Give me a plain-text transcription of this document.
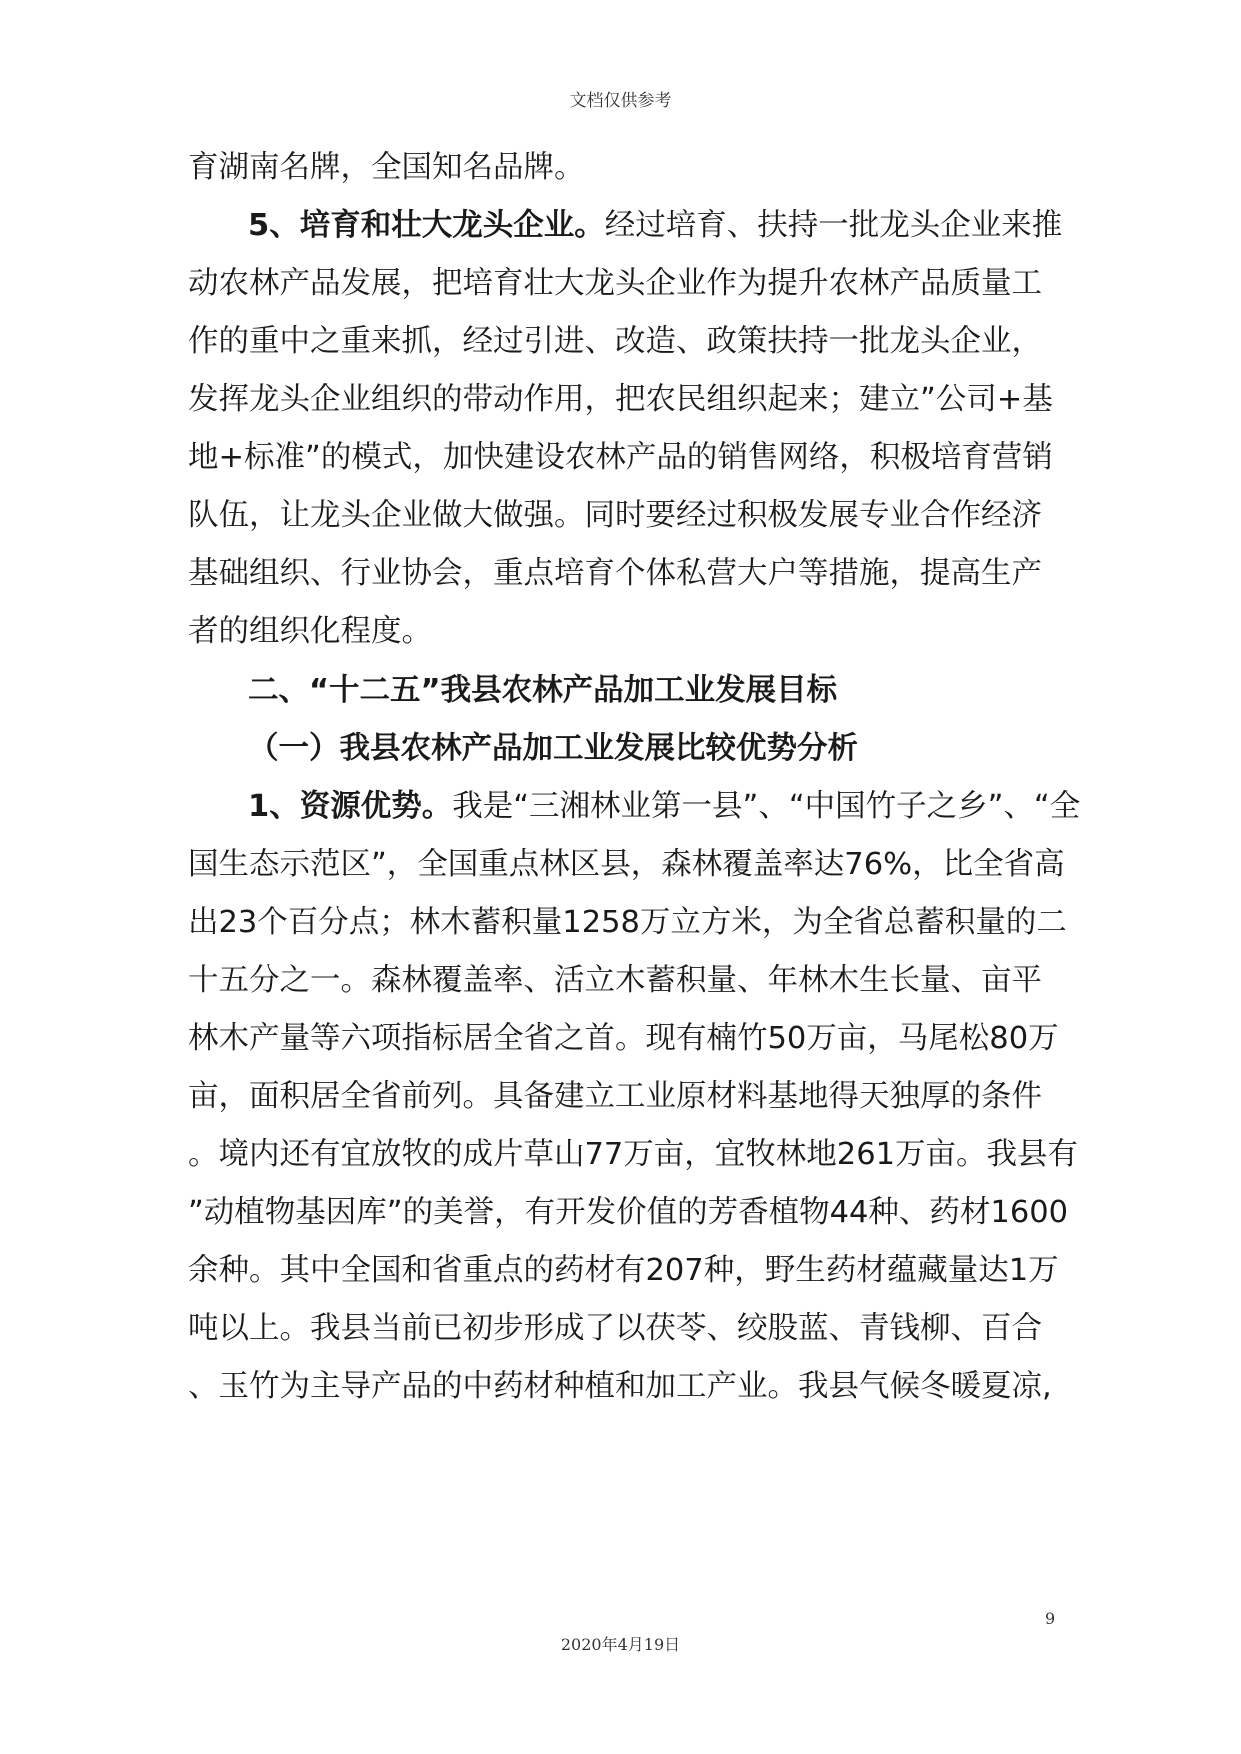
文档仅供参考
育湖南名牌，全国知名品牌。
5、培育和壮大龙头企业。经过培育、扶持一批龙头企业来推
动农林产品发展，把培育壮大龙头企业作为提升农林产品质量工
作的重中之重来抓，经过引进、改造、政策扶持一批龙头企业，
发挥龙头企业组织的带动作用，把农民组织起来；建立”公司+基
地+标准”的模式，加快建设农林产品的销售网络，积极培育营销
队伍，让龙头企业做大做强。同时要经过积极发展专业合作经济
基础组织、行业协会，重点培育个体私营大户等措施，提高生产
者的组织化程度。
二、“十二五”我县农林产品加工业发展目标
（一）我县农林产品加工业发展比较优势分析
1、资源优势。我是“三湘林业第一县”、“中国竹子之乡”、“全
国生态示范区”，全国重点林区县，森林覆盖率达76%，比全省高
出23个百分点；林木蓄积量1258万立方米，为全省总蓄积量的二
十五分之一。森林覆盖率、活立木蓄积量、年林木生长量、亩平
林木产量等六项指标居全省之首。现有楠竹50万亩，马尾松80万
亩，面积居全省前列。具备建立工业原材料基地得天独厚的条件
。境内还有宜放牧的成片草山77万亩，宜牧林地261万亩。我县有
”动植物基因库”的美誉，有开发价值的芳香植物44种、药材1600
余种。其中全国和省重点的药材有207种，野生药材蕴藏量达1万
吨以上。我县当前已初步形成了以茯苓、绞股蓝、青钱柳、百合
、玉竹为主导产品的中药材种植和加工产业。我县气候冬暖夏凉,
9
2020年4月19日
